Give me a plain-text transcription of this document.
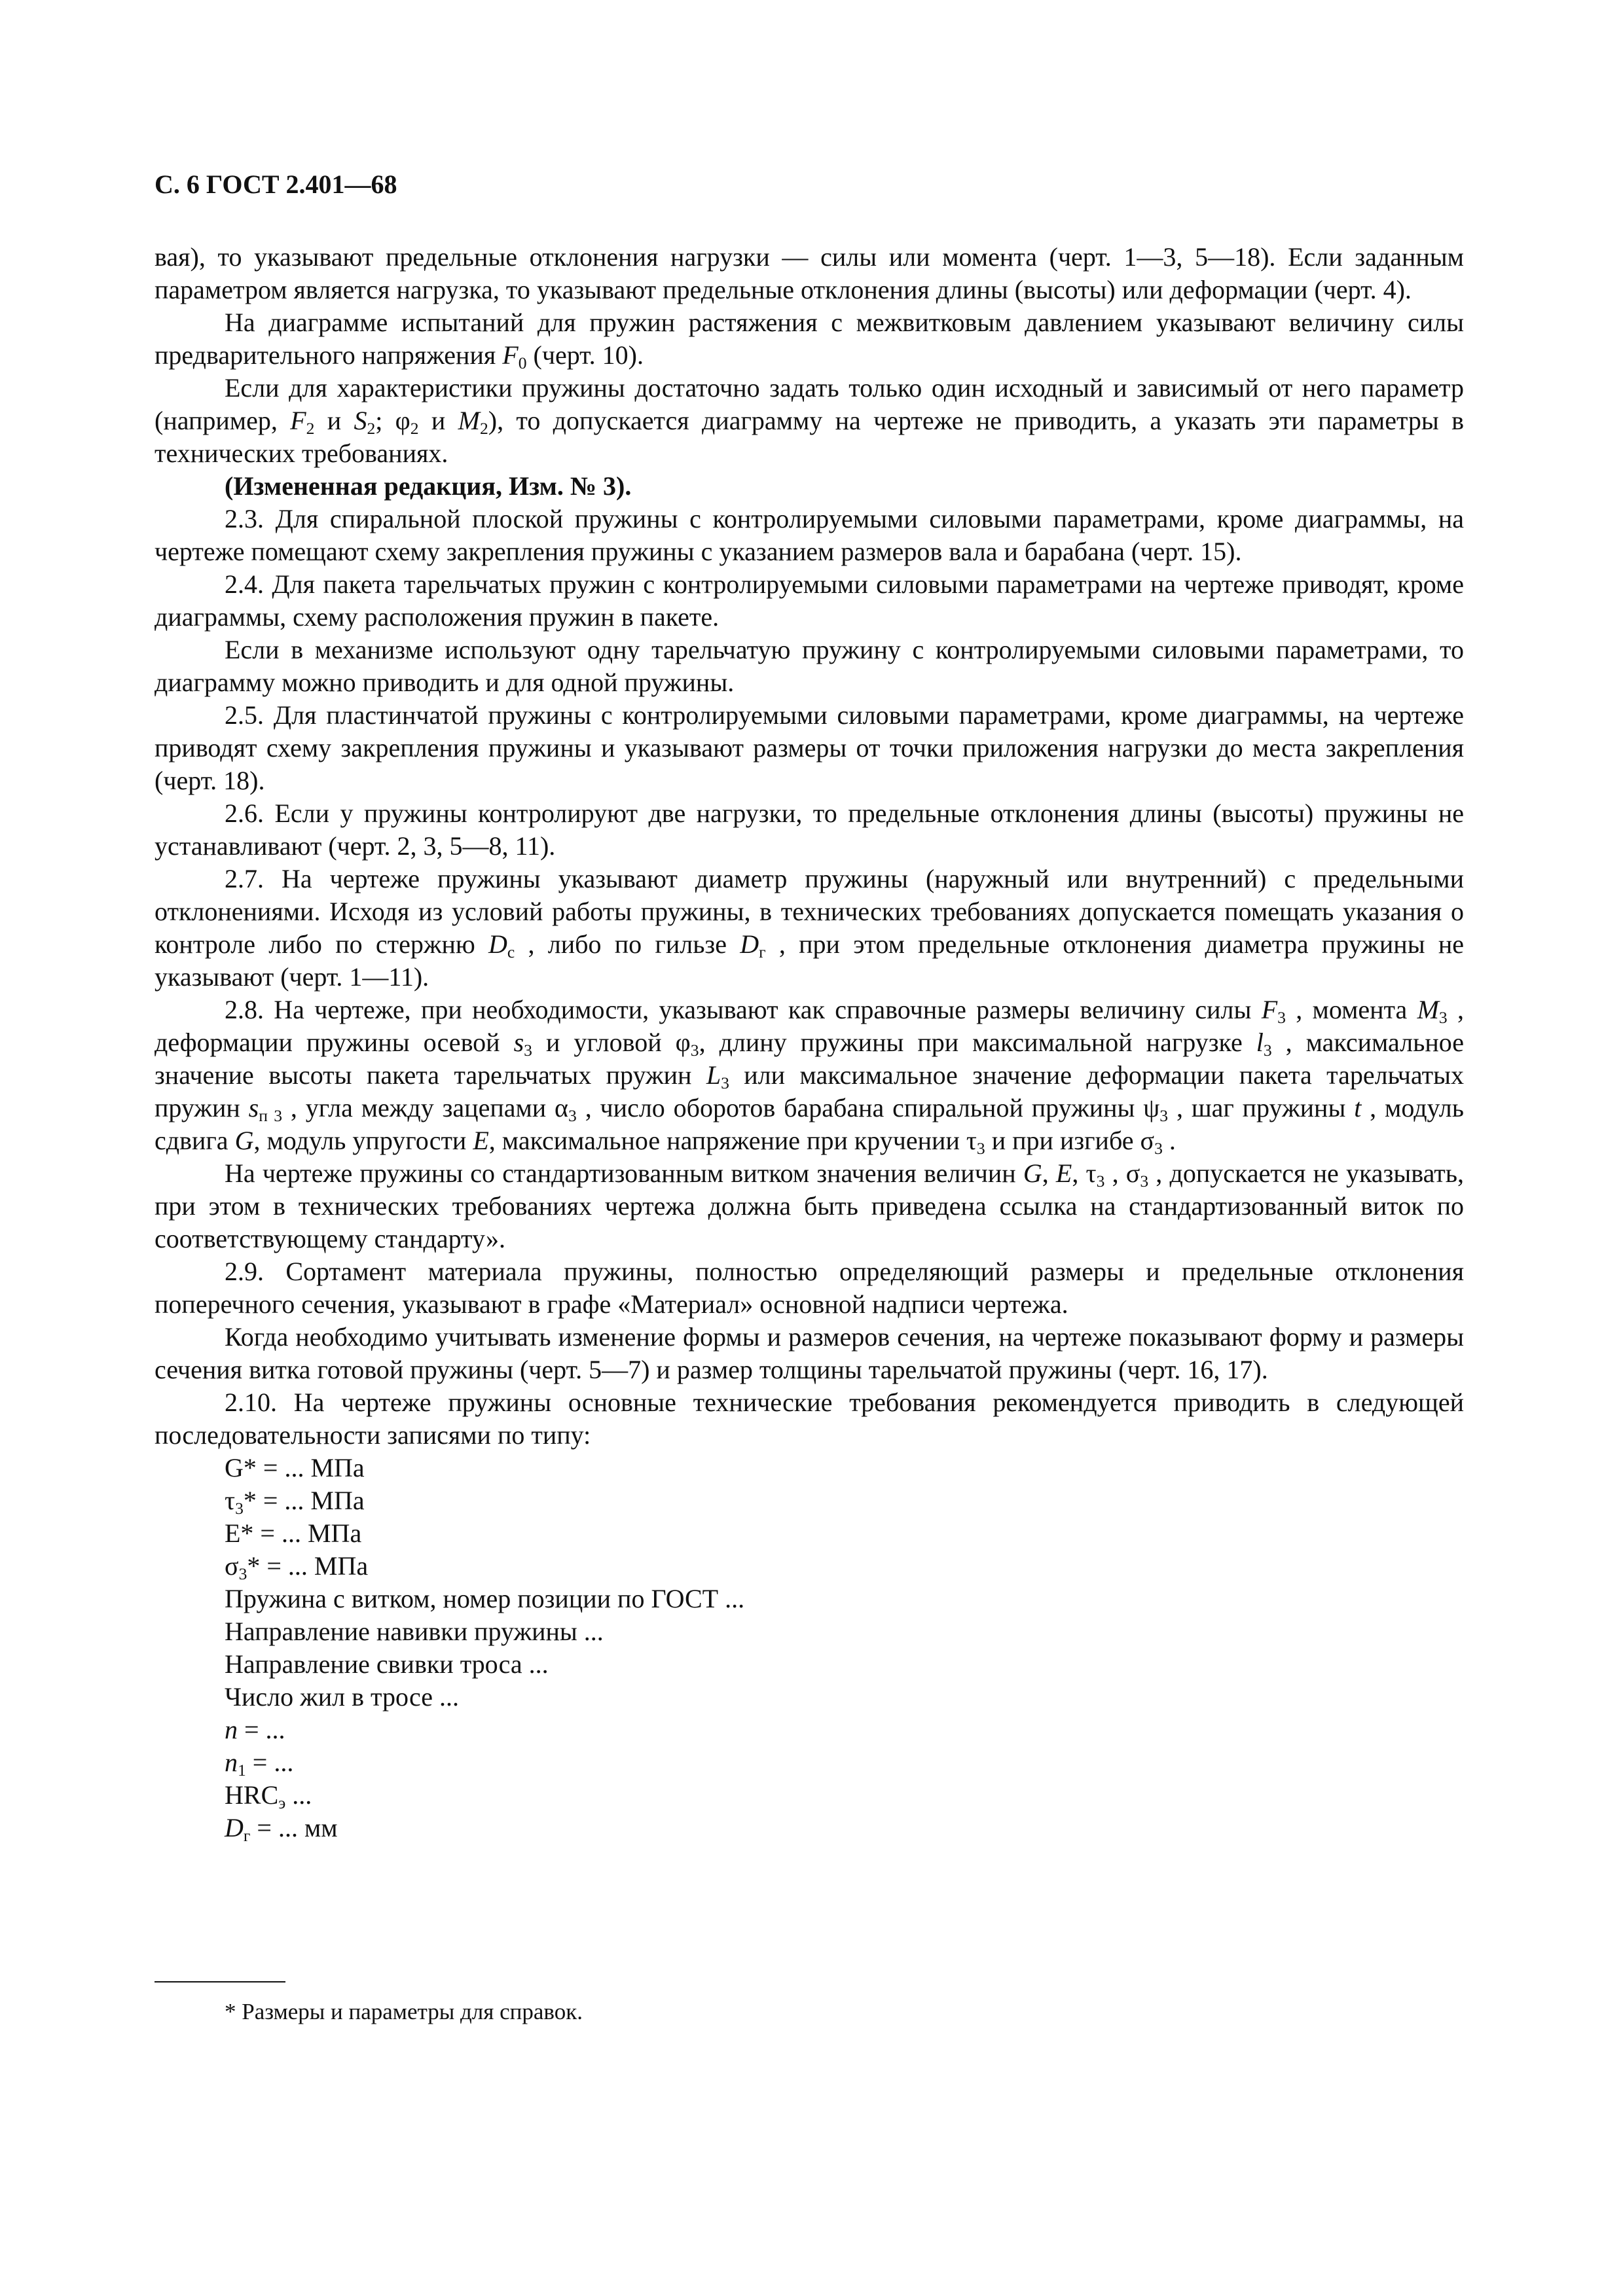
С. 6 ГОСТ 2.401—68

вая), то указывают предельные отклонения нагрузки — силы или момента (черт. 1—3, 5—18). Если заданным параметром является нагрузка, то указывают предельные отклонения длины (высоты) или деформации (черт. 4).

На диаграмме испытаний для пружин растяжения с межвитковым давлением указывают величину силы предварительного напряжения $F_0$ (черт. 10).

Если для характеристики пружины достаточно задать только один исходный и зависимый от него параметр (например, $F_2$ и $S_2$; $\varphi_2$ и $M_2$), то допускается диаграмму на чертеже не приводить, а указать эти параметры в технических требованиях.

(Измененная редакция, Изм. № 3).

2.3. Для спиральной плоской пружины с контролируемыми силовыми параметрами, кроме диаграммы, на чертеже помещают схему закрепления пружины с указанием размеров вала и барабана (черт. 15).

2.4. Для пакета тарельчатых пружин с контролируемыми силовыми параметрами на чертеже приводят, кроме диаграммы, схему расположения пружин в пакете.

Если в механизме используют одну тарельчатую пружину с контролируемыми силовыми параметрами, то диаграмму можно приводить и для одной пружины.

2.5. Для пластинчатой пружины с контролируемыми силовыми параметрами, кроме диаграммы, на чертеже приводят схему закрепления пружины и указывают размеры от точки приложения нагрузки до места закрепления (черт. 18).

2.6. Если у пружины контролируют две нагрузки, то предельные отклонения длины (высоты) пружины не устанавливают (черт. 2, 3, 5—8, 11).

2.7. На чертеже пружины указывают диаметр пружины (наружный или внутренний) с предельными отклонениями. Исходя из условий работы пружины, в технических требованиях допускается помещать указания о контроле либо по стержню $D_с$ , либо по гильзе $D_г$ , при этом предельные отклонения диаметра пружины не указывают (черт. 1—11).

2.8. На чертеже, при необходимости, указывают как справочные размеры величину силы $F_3$ , момента $M_3$ , деформации пружины осевой $s_3$ и угловой $\varphi_3$, длину пружины при максимальной нагрузке $l_3$ , максимальное значение высоты пакета тарельчатых пружин $L_3$ или максимальное значение деформации пакета тарельчатых пружин $s_{п 3}$ , угла между зацепами $\alpha_3$ , число оборотов барабана спиральной пружины $\psi_3$ , шаг пружины t , модуль сдвига G, модуль упругости E, максимальное напряжение при кручении $\tau_3$ и при изгибе $\sigma_3$ .

На чертеже пружины со стандартизованным витком значения величин G, E, $\tau_3$ , $\sigma_3$ , допускается не указывать, при этом в технических требованиях чертежа должна быть приведена ссылка на стандартизованный виток по соответствующему стандарту».

2.9. Сортамент материала пружины, полностью определяющий размеры и предельные отклонения поперечного сечения, указывают в графе «Материал» основной надписи чертежа.

Когда необходимо учитывать изменение формы и размеров сечения, на чертеже показывают форму и размеры сечения витка готовой пружины (черт. 5—7) и размер толщины тарельчатой пружины (черт. 16, 17).

2.10. На чертеже пружины основные технические требования рекомендуется приводить в следующей последовательности записями по типу:

G* = ... МПа
$\tau_3*$ = ... МПа
E* = ... МПа
$\sigma_3*$ = ... МПа
Пружина с витком, номер позиции по ГОСТ ...
Направление навивки пружины ...
Направление свивки троса ...
Число жил в тросе ...
n = ...
$n_1$ = ...
$HRC_э$ ...
$D_г$ = ... мм

* Размеры и параметры для справок.
